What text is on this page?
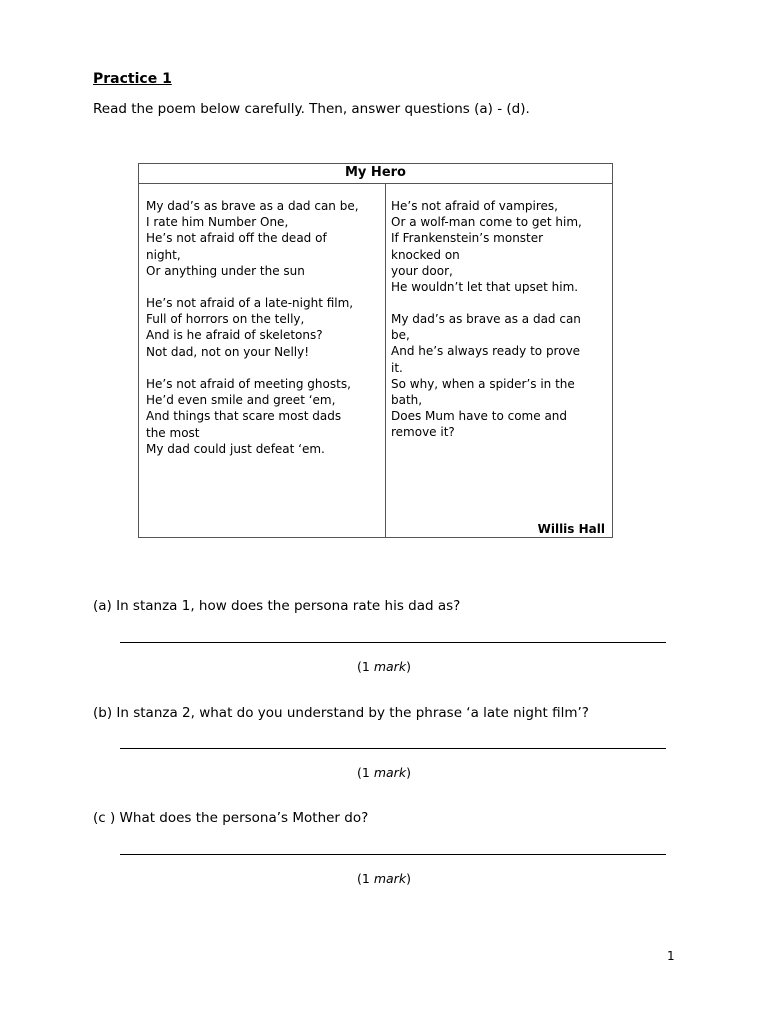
Practice 1
Read the poem below carefully. Then, answer questions (a) - (d).
My Hero
My dad’s as brave as a dad can be,
I rate him Number One,
He’s not afraid off the dead of
night,
Or anything under the sun
He’s not afraid of a late-night film,
Full of horrors on the telly,
And is he afraid of skeletons?
Not dad, not on your Nelly!
He’s not afraid of meeting ghosts,
He’d even smile and greet ‘em,
And things that scare most dads
the most
My dad could just defeat ‘em.
He’s not afraid of vampires,
Or a wolf-man come to get him,
If Frankenstein’s monster
knocked on
your door,
He wouldn’t let that upset him.
My dad’s as brave as a dad can
be,
And he’s always ready to prove
it.
So why, when a spider’s in the
bath,
Does Mum have to come and
remove it?
Willis Hall
(a) In stanza 1, how does the persona rate his dad as?
(1 mark)
(b) In stanza 2, what do you understand by the phrase ‘a late night film’?
(1 mark)
(c ) What does the persona’s Mother do?
(1 mark)
1
